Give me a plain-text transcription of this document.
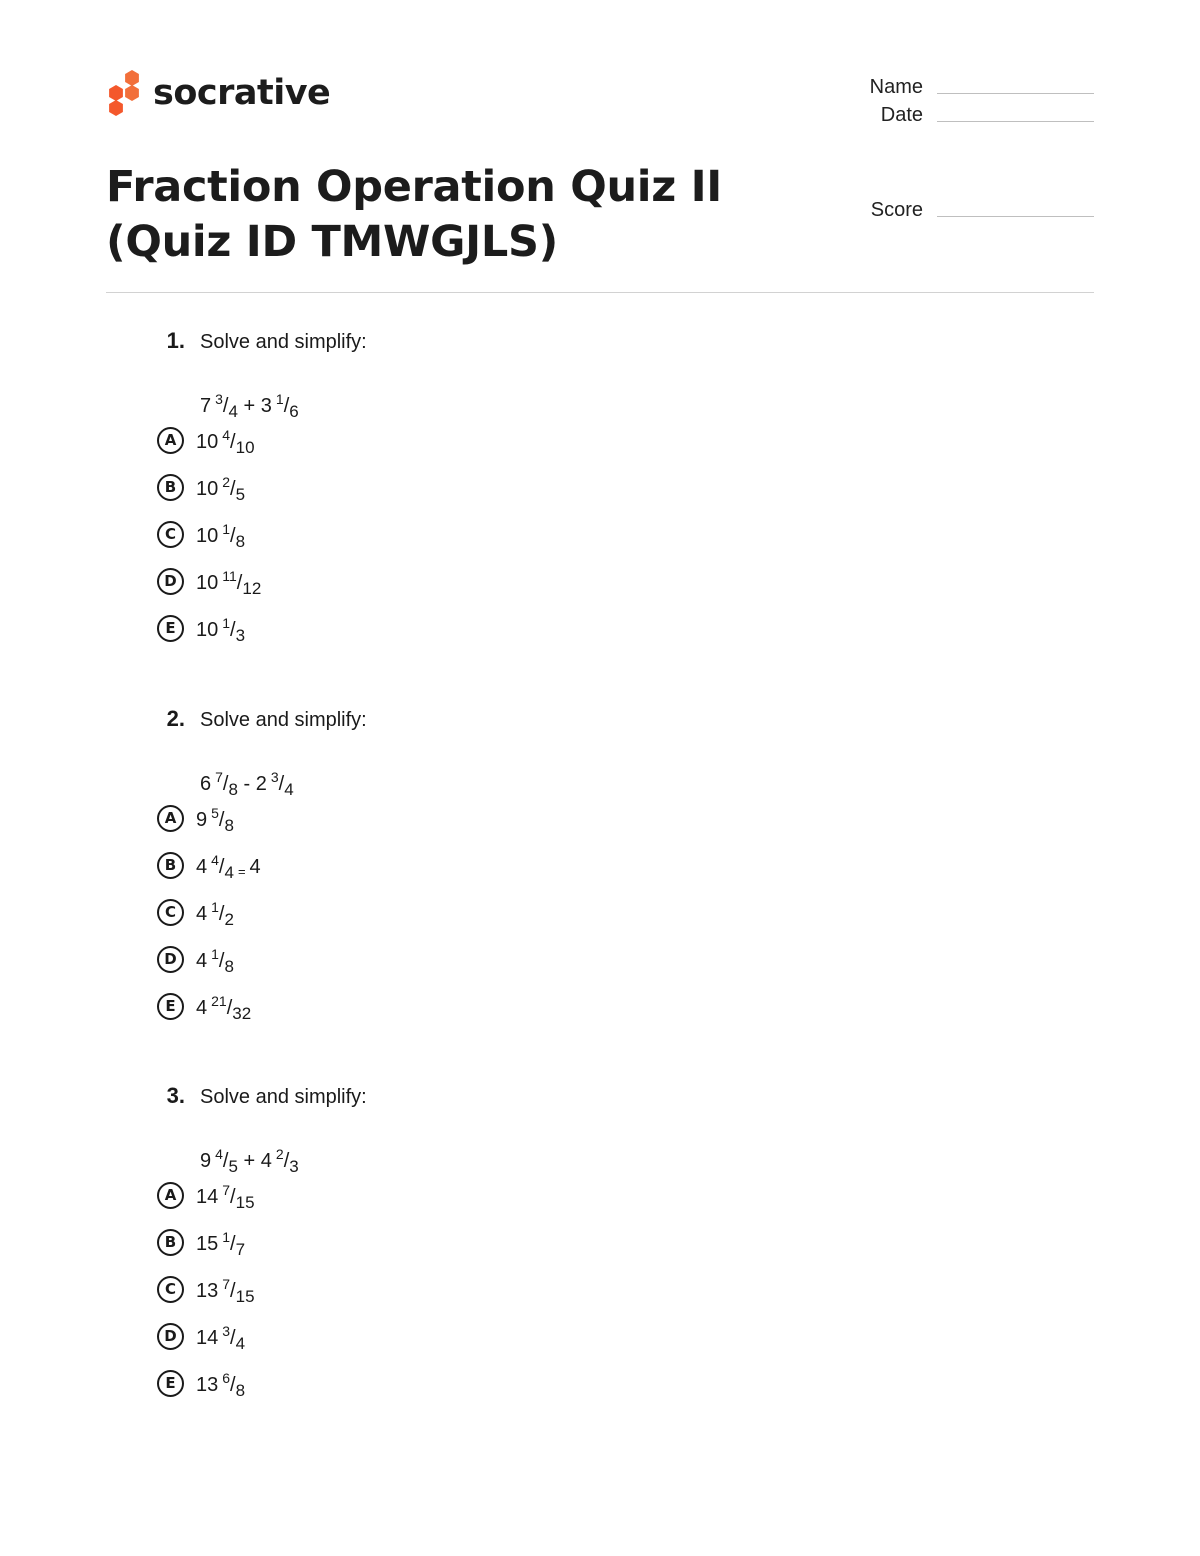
socrative	Name
Date
Score
Fraction Operation Quiz II (Quiz ID TMWGJLS)
1. Solve and simplify:
7 $^3/_4 + 3$ $^1/_6$
A 10 $^4/_{10}$
B 10 $^2/_5$
C	10 $^1/_8$
D 10 $^{11}/_{12}$
E	10 $^1/_3$
2. Solve and simplify:
6 $^7/_8 - 2$ $^3/_4$
A 9 $^5/_8$
B 4 $^4/_4 = 4$
C	4 $^1/_2$
D 4 $^1/_8$
E	4 $^{21}/_{32}$
3. Solve and simplify:
9 $^4/_5 + 4$ $^2/_3$
A 14 $^7/_{15}$
B 15 $^1/_7$
C	13 $^7/_{15}$
D 14 $^3/_4$
E	13 $^6/_8$
